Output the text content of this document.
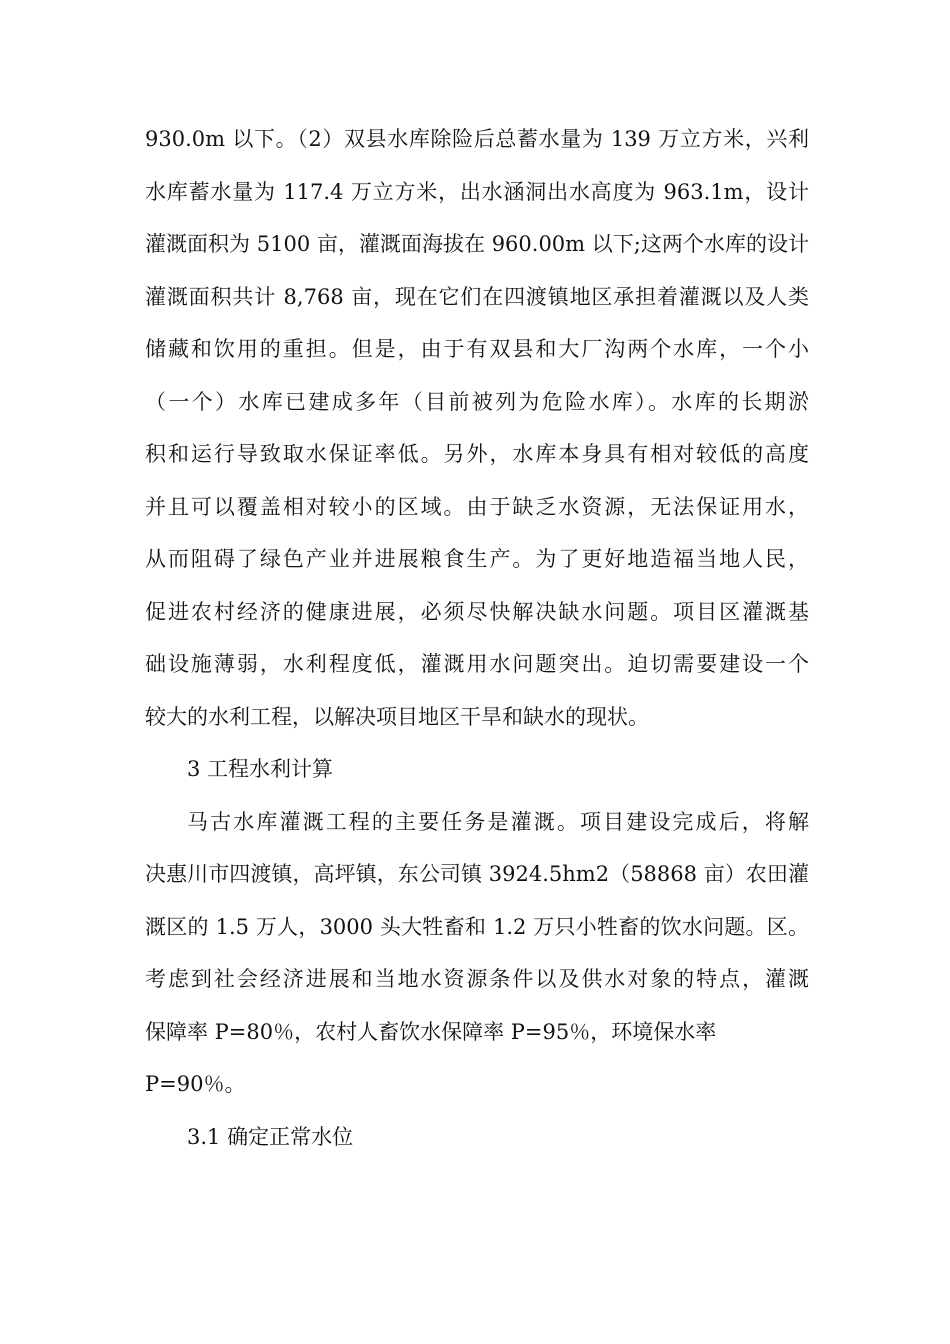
930.0m 以下。（2）双县水库除险后总蓄水量为 139 万立方米，兴利
水库蓄水量为 117.4 万立方米，出水涵洞出水高度为 963.1m，设计
灌溉面积为 5100 亩，灌溉面海拔在 960.00m 以下;这两个水库的设计
灌溉面积共计 8,768 亩，现在它们在四渡镇地区承担着灌溉以及人类
储藏和饮用的重担。但是，由于有双县和大厂沟两个水库，一个小
（一个）水库已建成多年（目前被列为危险水库）。水库的长期淤
积和运行导致取水保证率低。另外，水库本身具有相对较低的高度
并且可以覆盖相对较小的区域。由于缺乏水资源，无法保证用水，
从而阻碍了绿色产业并进展粮食生产。为了更好地造福当地人民，
促进农村经济的健康进展，必须尽快解决缺水问题。项目区灌溉基
础设施薄弱，水利程度低，灌溉用水问题突出。迫切需要建设一个
较大的水利工程，以解决项目地区干旱和缺水的现状。
3 工程水利计算
马古水库灌溉工程的主要任务是灌溉。项目建设完成后，将解
决惠川市四渡镇，高坪镇，东公司镇 3924.5hm2（58868 亩）农田灌
溉区的 1.5 万人，3000 头大牲畜和 1.2 万只小牲畜的饮水问题。区。
考虑到社会经济进展和当地水资源条件以及供水对象的特点，灌溉
保障率 P=80％，农村人畜饮水保障率 P=95％，环境保水率
P=90％。
3.1 确定正常水位
